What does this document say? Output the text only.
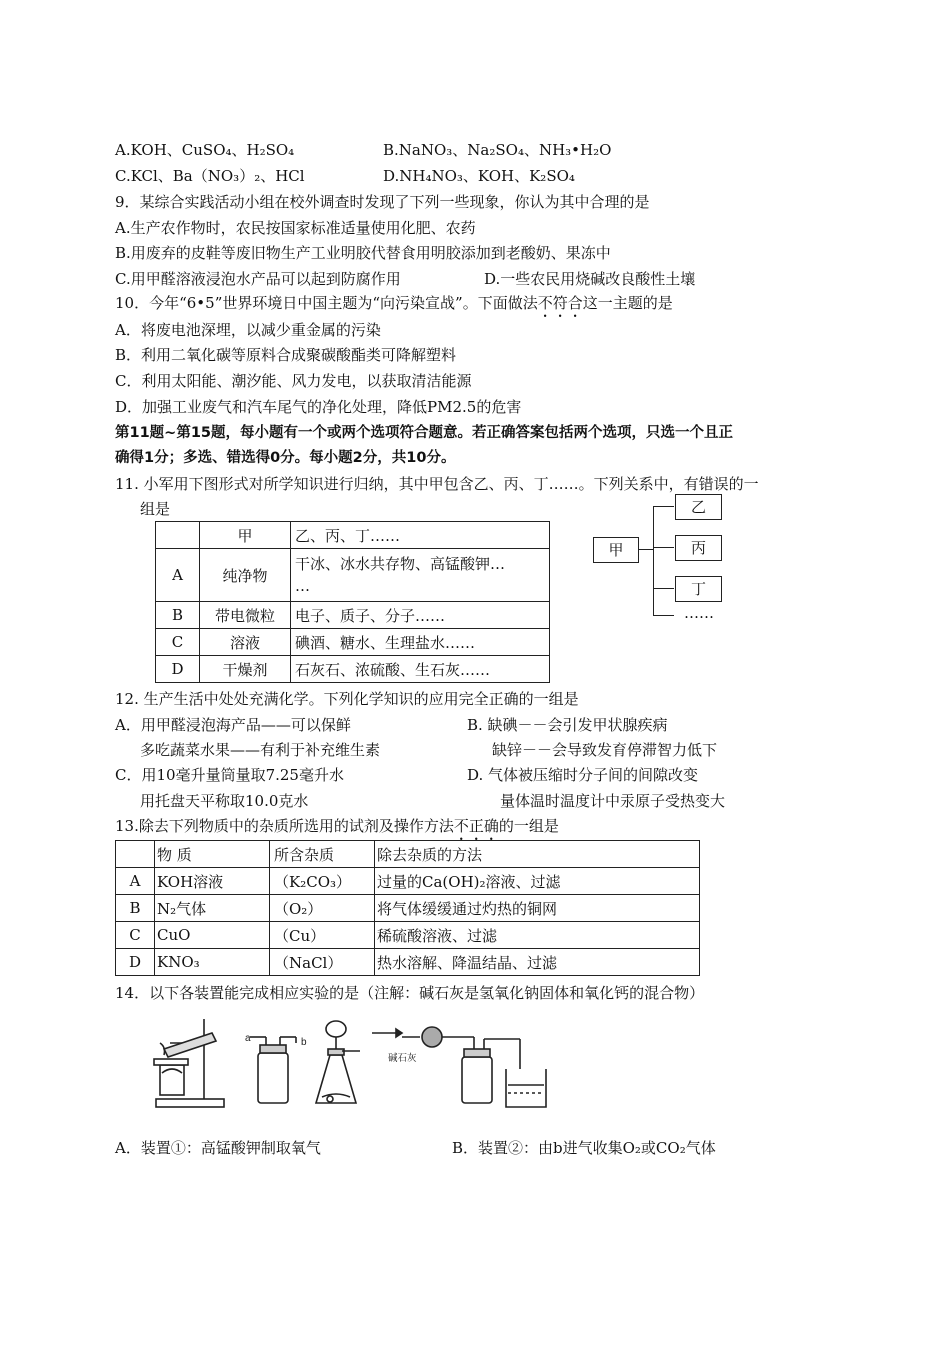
A.KOH、CuSO₄、H₂SO₄	B.NaNO₃、Na₂SO₄、NH₃•H₂O
C.KCl、Ba（NO₃）₂、HCl	D.NH₄NO₃、KOH、K₂SO₄
9．某综合实践活动小组在校外调查时发现了下列一些现象，你认为其中合理的是
A.生产农作物时，农民按国家标准适量使用化肥、农药
B.用废弃的皮鞋等废旧物生产工业明胶代替食用明胶添加到老酸奶、果冻中
C.用甲醛溶液浸泡水产品可以起到防腐作用	D.一些农民用烧碱改良酸性土壤
10．今年“6•5”世界环境日中国主题为“向污染宣战”。下面做法不符合这一主题的是
A．将废电池深埋，以减少重金属的污染
B．利用二氧化碳等原料合成聚碳酸酯类可降解塑料
C．利用太阳能、潮汐能、风力发电，以获取清洁能源
D．加强工业废气和汽车尾气的净化处理，降低PM2.5的危害
第11题~第15题，每小题有一个或两个选项符合题意。若正确答案包括两个选项，只选一个且正
确得1分；多选、错选得0分。每小题2分，共10分。
11. 小军用下图形式对所学知识进行归纳，其中甲包含乙、丙、丁……。下列关系中，有错误的一
组是
	甲	乙、丙、丁……
A	纯净物	干冰、冰水共存物、高锰酸钾…
…

B	带电微粒	电子、质子、分子……
C	溶液	碘酒、糖水、生理盐水……
D	干燥剂	石灰石、浓硫酸、生石灰……
甲
乙
丙
丁
……
12. 生产生活中处处充满化学。下列化学知识的应用完全正确的一组是
A．用甲醛浸泡海产品——可以保鲜
多吃蔬菜水果——有利于补充维生素
B. 缺碘－－会引发甲状腺疾病
缺锌－－会导致发育停滞智力低下
C．用10毫升量筒量取7.25毫升水
用托盘天平称取10.0克水
D. 气体被压缩时分子间的间隙改变
量体温时温度计中汞原子受热变大
13.除去下列物质中的杂质所选用的试剂及操作方法不正确的一组是
	物 质	所含杂质	除去杂质的方法
A	KOH溶液	（K₂CO₃）	过量的Ca(OH)₂溶液、过滤
B	N₂气体	（O₂）	将气体缓缓通过灼热的铜网
C	CuO	（Cu）	稀硫酸溶液、过滤
D	KNO₃	（NaCl）	热水溶解、降温结晶、过滤
14．以下各装置能完成相应实验的是（注解：碱石灰是氢氧化钠固体和氧化钙的混合物）
a	b
碱石灰
A．装置①：高锰酸钾制取氧气	B．装置②：由b进气收集O₂或CO₂气体
